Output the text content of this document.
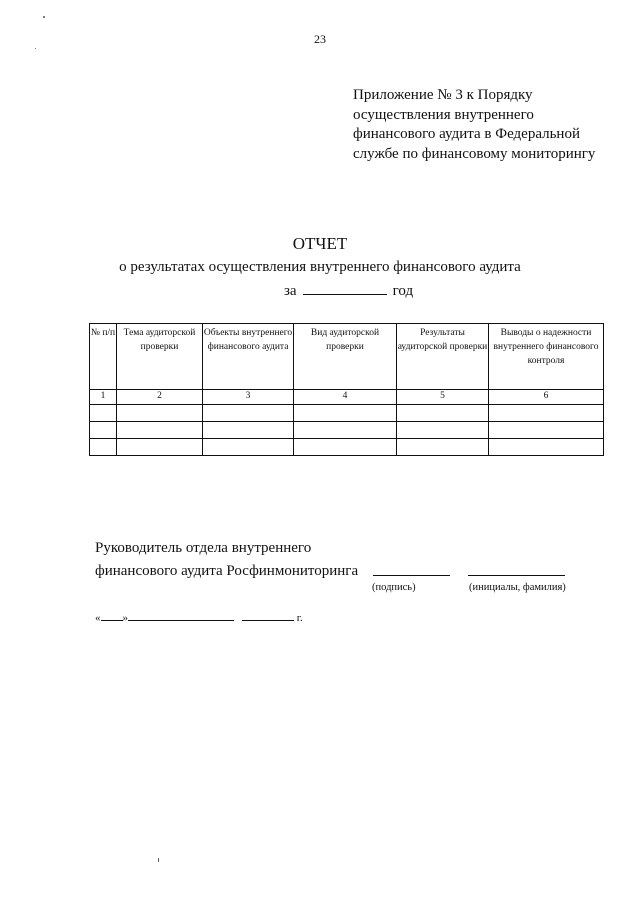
23
Приложение № 3 к Порядку
осуществления внутреннего
финансового аудита в Федеральной
службе по финансовому мониторингу
ОТЧЕТ
о результатах осуществления внутреннего финансового аудита
за	год
№ п/п	Тема аудиторской проверки	Объекты внутреннего финансового аудита	Вид аудиторской проверки	Результаты аудиторской проверки	Выводы о надежности внутреннего финансового контроля
1	2	3	4	5	6

Руководитель отдела внутреннего
финансового аудита Росфинмониторинга
(подпись)	(инициалы, фамилия)
« »	г.
